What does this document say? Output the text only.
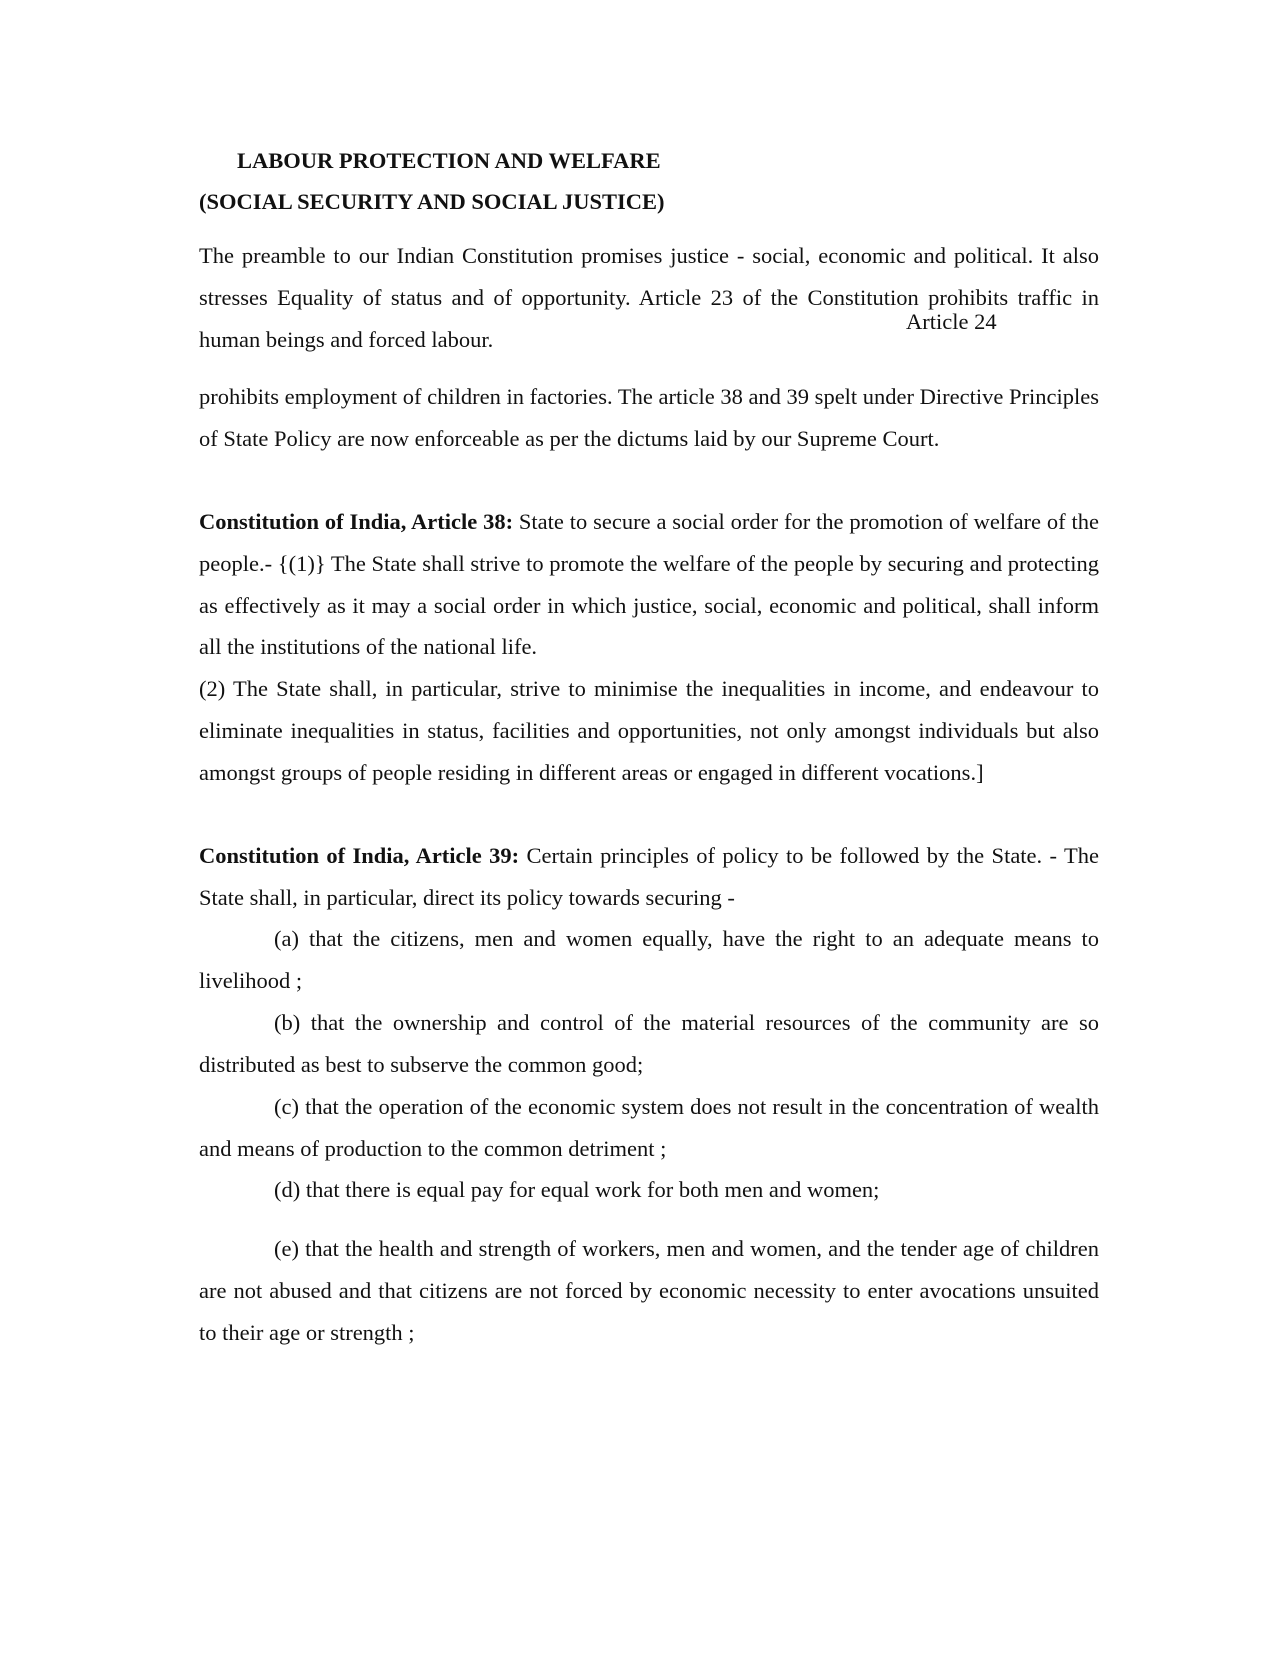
LABOUR PROTECTION AND WELFARE
(SOCIAL SECURITY AND SOCIAL JUSTICE)

The preamble to our Indian Constitution promises justice - social, economic and political. It also stresses Equality of status and of opportunity. Article 23 of the Constitution prohibits traffic in human beings and forced labour.

Article 24

prohibits employment of children in factories. The article 38 and 39 spelt under Directive Principles of State Policy are now enforceable as per the dictums laid by our Supreme Court.

Constitution of India, Article 38: State to secure a social order for the promotion of welfare of the people.- {(1)} The State shall strive to promote the welfare of the people by securing and protecting as effectively as it may a social order in which justice, social, economic and political, shall inform all the institutions of the national life.

(2) The State shall, in particular, strive to minimise the inequalities in income, and endeavour to eliminate inequalities in status, facilities and opportunities, not only amongst individuals but also amongst groups of people residing in different areas or engaged in different vocations.]

Constitution of India, Article 39: Certain principles of policy to be followed by the State. - The State shall, in particular, direct its policy towards securing -

(a) that the citizens, men and women equally, have the right to an adequate means to livelihood ;

(b) that the ownership and control of the material resources of the community are so distributed as best to subserve the common good;

(c) that the operation of the economic system does not result in the concentration of wealth and means of production to the common detriment ;

(d) that there is equal pay for equal work for both men and women;

(e) that the health and strength of workers, men and women, and the tender age of children are not abused and that citizens are not forced by economic necessity to enter avocations unsuited to their age or strength ;
